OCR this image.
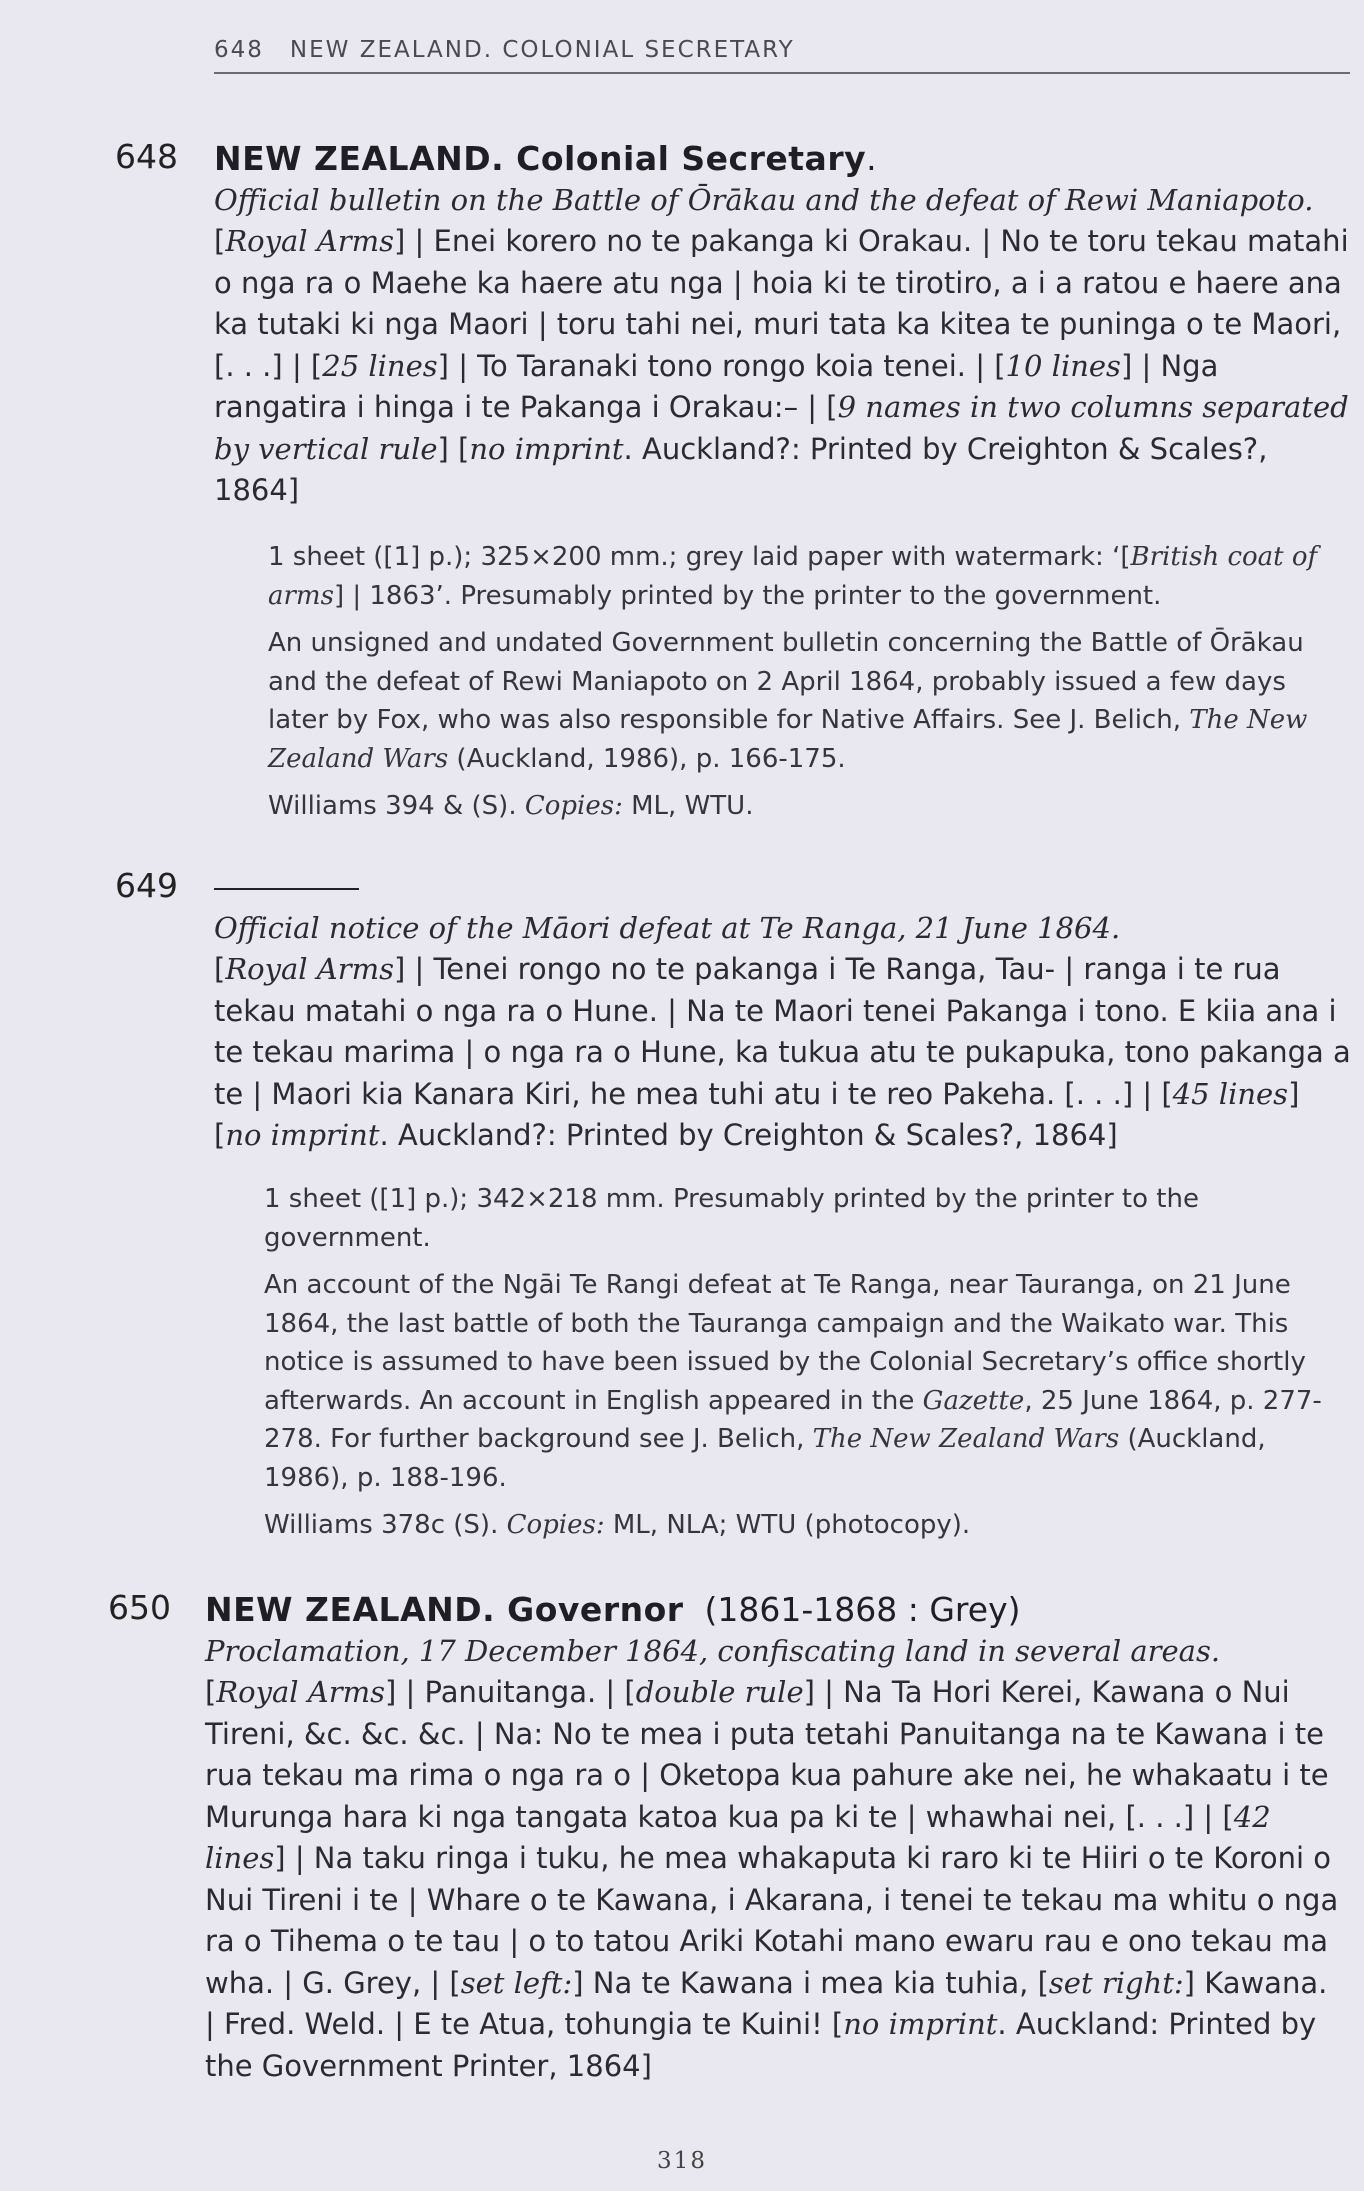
648 NEW ZEALAND. COLONIAL SECRETARY
648	NEW ZEALAND. Colonial Secretary.

Official bulletin on the Battle of Ōrākau and the defeat of Rewi Maniapoto.

[Royal Arms] | Enei korero no te pakanga ki Orakau. | No te toru tekau matahi o nga ra o Maehe ka haere atu nga | hoia ki te tirotiro, a i a ratou e haere ana ka tutaki ki nga Maori | toru tahi nei, muri tata ka kitea te puninga o te Maori, [. . .] | [25 lines] | To Taranaki tono rongo koia tenei. | [10 lines] | Nga rangatira i hinga i te Pakanga i Orakau:– | [9 names in two columns separated by vertical rule] [no imprint. Auckland?: Printed by Creighton & Scales?, 1864]

1 sheet ([1] p.); 325×200 mm.; grey laid paper with watermark: ‘[British coat of arms] | 1863’. Presumably printed by the printer to the government.

An unsigned and undated Government bulletin concerning the Battle of Ōrākau and the defeat of Rewi Maniapoto on 2 April 1864, probably issued a few days later by Fox, who was also responsible for Native Affairs. See J. Belich, The New Zealand Wars (Auckland, 1986), p. 166-175.

Williams 394 & (S). Copies: ML, WTU.

649

Official notice of the Māori defeat at Te Ranga, 21 June 1864.

[Royal Arms] | Tenei rongo no te pakanga i Te Ranga, Tau- | ranga i te rua tekau matahi o nga ra o Hune. | Na te Maori tenei Pakanga i tono. E kiia ana i te tekau marima | o nga ra o Hune, ka tukua atu te pukapuka, tono pakanga a te | Maori kia Kanara Kiri, he mea tuhi atu i te reo Pakeha. [. . .] | [45 lines] [no imprint. Auckland?: Printed by Creighton & Scales?, 1864]

1 sheet ([1] p.); 342×218 mm. Presumably printed by the printer to the government.

An account of the Ngāi Te Rangi defeat at Te Ranga, near Tauranga, on 21 June 1864, the last battle of both the Tauranga campaign and the Waikato war. This notice is assumed to have been issued by the Colonial Secretary’s office shortly afterwards. An account in English appeared in the Gazette, 25 June 1864, p. 277-278. For further background see J. Belich, The New Zealand Wars (Auckland, 1986), p. 188-196.

Williams 378c (S). Copies: ML, NLA; WTU (photocopy).

650	NEW ZEALAND. Governor (1861-1868 : Grey)

Proclamation, 17 December 1864, confiscating land in several areas.

[Royal Arms] | Panuitanga. | [double rule] | Na Ta Hori Kerei, Kawana o Nui Tireni, &c. &c. &c. | Na: No te mea i puta tetahi Panuitanga na te Kawana i te rua tekau ma rima o nga ra o | Oketopa kua pahure ake nei, he whakaatu i te Murunga hara ki nga tangata katoa kua pa ki te | whawhai nei, [. . .] | [42 lines] | Na taku ringa i tuku, he mea whakaputa ki raro ki te Hiiri o te Koroni o Nui Tireni i te | Whare o te Kawana, i Akarana, i tenei te tekau ma whitu o nga ra o Tihema o te tau | o to tatou Ariki Kotahi mano ewaru rau e ono tekau ma wha. | G. Grey, | [set left:] Na te Kawana i mea kia tuhia, [set right:] Kawana. | Fred. Weld. | E te Atua, tohungia te Kuini! [no imprint. Auckland: Printed by the Government Printer, 1864]

318
